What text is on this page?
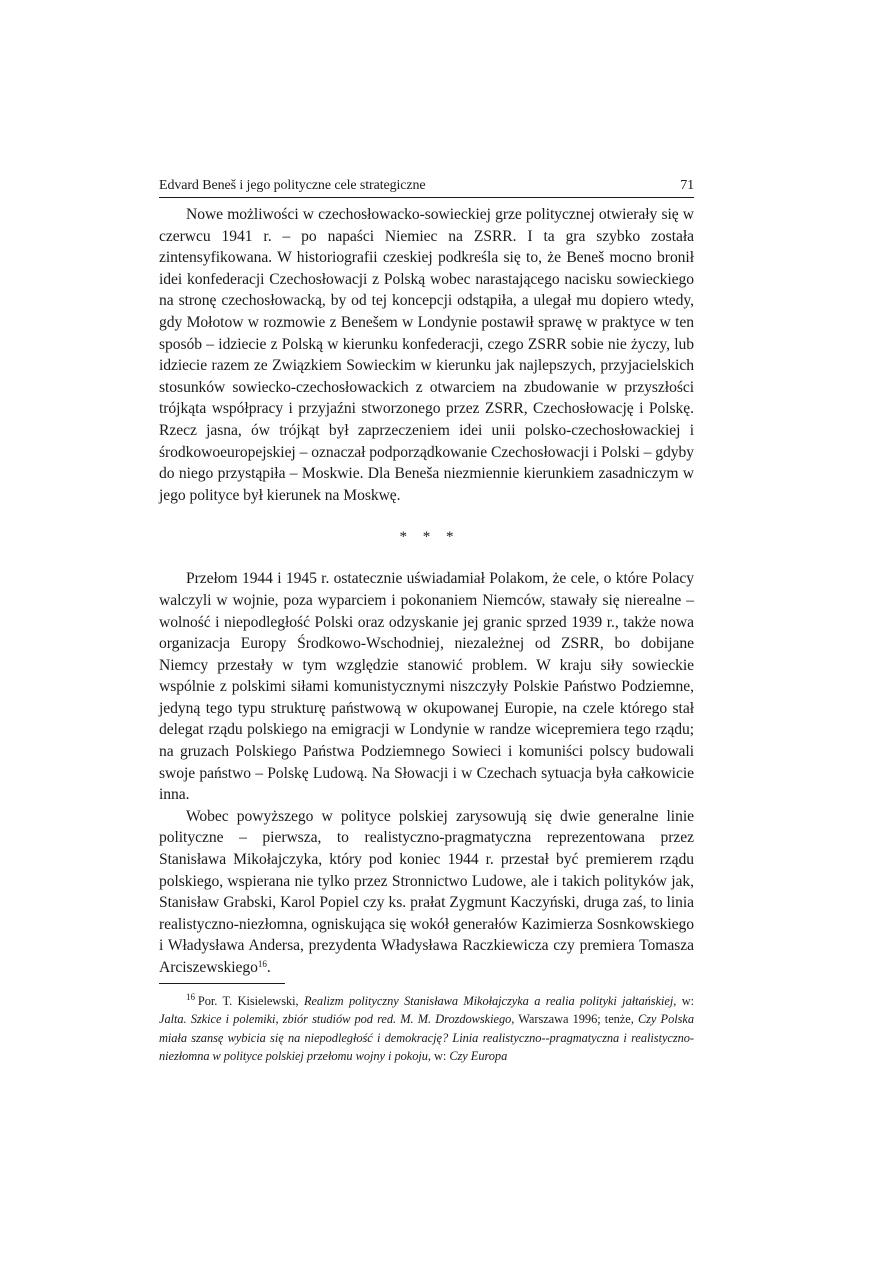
Edvard Beneš i jego polityczne cele strategiczne	71

Nowe możliwości w czechosłowacko-sowieckiej grze politycznej otwierały się w czerwcu 1941 r. – po napaści Niemiec na ZSRR. I ta gra szybko została zintensyfikowana. W historiografii czeskiej podkreśla się to, że Beneš mocno bronił idei konfederacji Czechosłowacji z Polską wobec narastającego nacisku sowieckiego na stronę czechosłowacką, by od tej koncepcji odstąpiła, a ulegał mu dopiero wtedy, gdy Mołotow w rozmowie z Benešem w Londynie postawił sprawę w praktyce w ten sposób – idziecie z Polską w kierunku konfederacji, czego ZSRR sobie nie życzy, lub idziecie razem ze Związkiem Sowieckim w kierunku jak najlepszych, przyjacielskich stosunków sowiecko-czechosłowackich z otwarciem na zbudowanie w przyszłości trójkąta współpracy i przyjaźni stworzonego przez ZSRR, Czechosłowację i Polskę. Rzecz jasna, ów trójkąt był zaprzeczeniem idei unii polsko-czechosłowackiej i środkowoeuropejskiej – oznaczał podporządkowanie Czechosłowacji i Polski – gdyby do niego przystąpiła – Moskwie. Dla Beneša niezmiennie kierunkiem zasadniczym w jego polityce był kierunek na Moskwę.

* * *

Przełom 1944 i 1945 r. ostatecznie uświadamiał Polakom, że cele, o które Polacy walczyli w wojnie, poza wyparciem i pokonaniem Niemców, stawały się nierealne – wolność i niepodległość Polski oraz odzyskanie jej granic sprzed 1939 r., także nowa organizacja Europy Środkowo-Wschodniej, niezależnej od ZSRR, bo dobijane Niemcy przestały w tym względzie stanowić problem. W kraju siły sowieckie wspólnie z polskimi siłami komunistycznymi niszczyły Polskie Państwo Podziemne, jedyną tego typu strukturę państwową w okupowanej Europie, na czele którego stał delegat rządu polskiego na emigracji w Londynie w randze wicepremiera tego rządu; na gruzach Polskiego Państwa Podziemnego Sowieci i komuniści polscy budowali swoje państwo – Polskę Ludową. Na Słowacji i w Czechach sytuacja była całkowicie inna.

Wobec powyższego w polityce polskiej zarysowują się dwie generalne linie polityczne – pierwsza, to realistyczno-pragmatyczna reprezentowana przez Stanisława Mikołajczyka, który pod koniec 1944 r. przestał być premierem rządu polskiego, wspierana nie tylko przez Stronnictwo Ludowe, ale i takich polityków jak, Stanisław Grabski, Karol Popiel czy ks. prałat Zygmunt Kaczyński, druga zaś, to linia realistyczno-niezłomna, ogniskująca się wokół generałów Kazimierza Sosnkowskiego i Władysława Andersa, prezydenta Władysława Raczkiewicza czy premiera Tomasza Arciszewskiego$^{16}$.

$^{16}$ Por. T. Kisielewski, Realizm polityczny Stanisława Mikołajczyka a realia polityki jałtańskiej, w: Jalta. Szkice i polemiki, zbiór studiów pod red. M. M. Drozdowskiego, Warszawa 1996; tenże, Czy Polska miała szansę wybicia się na niepodległość i demokrację? Linia realistyczno--pragmatyczna i realistyczno-niezłomna w polityce polskiej przełomu wojny i pokoju, w: Czy Europa
